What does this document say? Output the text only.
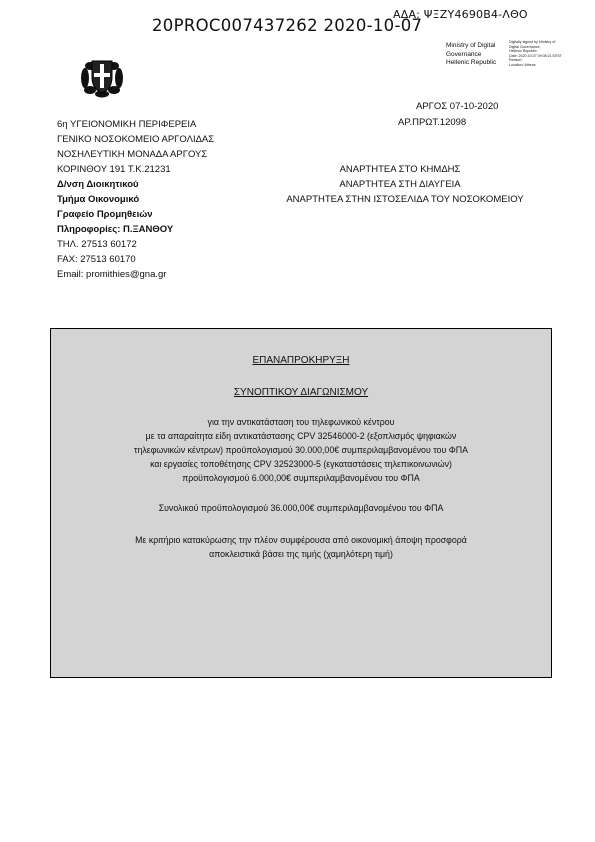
ΑΔΑ: ΨΞΖΥ4690Β4-ΛΘΟ
20PROC007437262 2020-10-07
Ministry of Digital
Governance
Hellenic Republic
Digitally signed by Ministry of
Digital Governance,
Hellenic Republic
Date: 2020.10.07 09:08:21 EEST
Reason:
Location: Athens
ΑΡΓΟΣ 07-10-2020
ΑΡ.ΠΡΩΤ.12098
6η ΥΓΕΙΟΝΟΜΙΚΗ ΠΕΡΙΦΕΡΕΙΑ
ΓΕΝΙΚΟ ΝΟΣΟΚΟΜΕΙΟ ΑΡΓΟΛΙΔΑΣ
ΝΟΣΗΛΕΥΤΙΚΗ ΜΟΝΑΔΑ ΑΡΓΟΥΣ
ΚΟΡΙΝΘΟΥ 191 Τ.Κ.21231
Δ/νση Διοικητικού
Τμήμα Οικονομικό
Γραφείο Προμηθειών
Πληροφορίες: Π.ΞΑΝΘΟΥ
ΤΗΛ. 27513 60172
FAX: 27513 60170
Email: promithies@gna.gr
ΑΝΑΡΤΗΤΕΑ ΣΤΟ ΚΗΜΔΗΣ
ΑΝΑΡΤΗΤΕΑ ΣΤΗ ΔΙΑΥΓΕΙΑ
ΑΝΑΡΤΗΤΕΑ ΣΤΗΝ ΙΣΤΟΣΕΛΙΔΑ ΤΟΥ ΝΟΣΟΚΟΜΕΙΟΥ
ΕΠΑΝΑΠΡΟΚΗΡΥΞΗ
ΣΥΝΟΠΤΙΚΟΥ ΔΙΑΓΩΝΙΣΜΟΥ
για την αντικατάσταση του τηλεφωνικού κέντρου
με τα απαραίτητα είδη αντικατάστασης CPV 32546000-2 (εξοπλισμός ψηφιακών
τηλεφωνικών κέντρων) προϋπολογισμού 30.000,00€ συμπεριλαμβανομένου του ΦΠΑ
και εργασίες τοποθέτησης CPV 32523000-5 (εγκαταστάσεις τηλεπικοινωνιών)
προϋπολογισμού 6.000,00€ συμπεριλαμβανομένου του ΦΠΑ
Συνολικού προϋπολογισμού 36.000,00€ συμπεριλαμβανομένου του ΦΠΑ
Με κριτήριο κατακύρωσης την πλέον συμφέρουσα από οικονομική άποψη προσφορά
αποκλειστικά βάσει της τιμής (χαμηλότερη τιμή)
